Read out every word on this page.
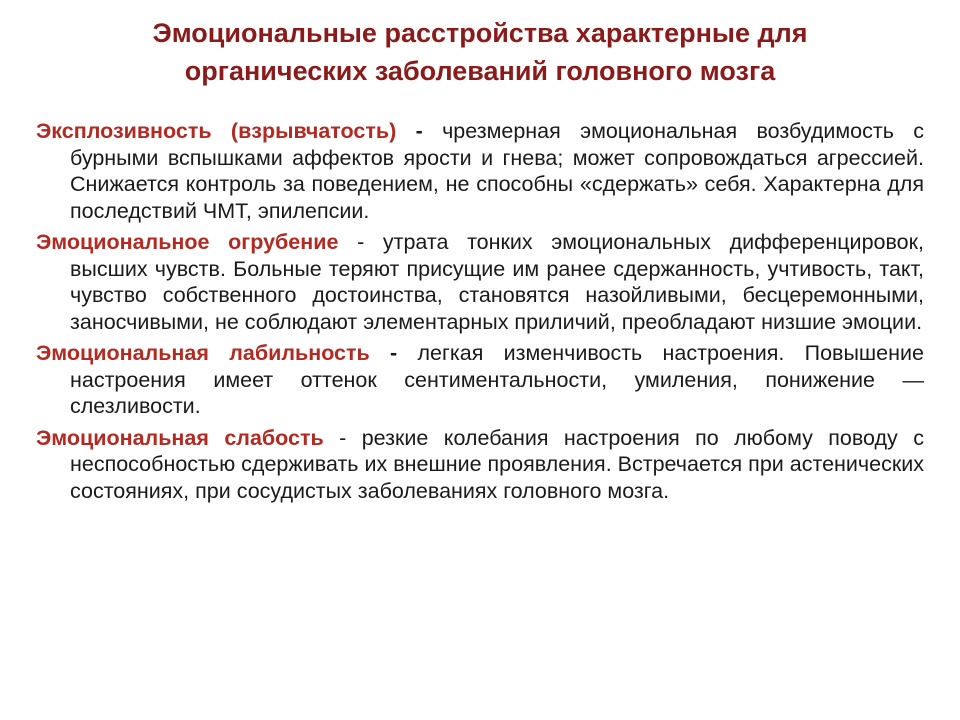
Эмоциональные расстройства характерные для
органических заболеваний головного мозга

Эксплозивность (взрывчатость) - чрезмерная эмоциональная возбудимость с бурными вспышками аффектов ярости и гнева; может сопровождаться агрессией. Снижается контроль за поведением, не способны «сдержать» себя. Характерна для последствий ЧМТ, эпилепсии.

Эмоциональное огрубение - утрата тонких эмоциональных дифференцировок, высших чувств. Больные теряют присущие им ранее сдержанность, учтивость, такт, чувство собственного достоинства, становятся назойливыми, бесцеремонными, заносчивыми, не соблюдают элементарных приличий, преобладают низшие эмоции.

Эмоциональная лабильность - легкая изменчивость настроения. Повышение настроения имеет оттенок сентиментальности, умиления, понижение — слезливости.

Эмоциональная слабость - резкие колебания настроения по любому поводу с неспособностью сдерживать их внешние проявления. Встречается при астенических состояниях, при сосудистых заболеваниях головного мозга.
